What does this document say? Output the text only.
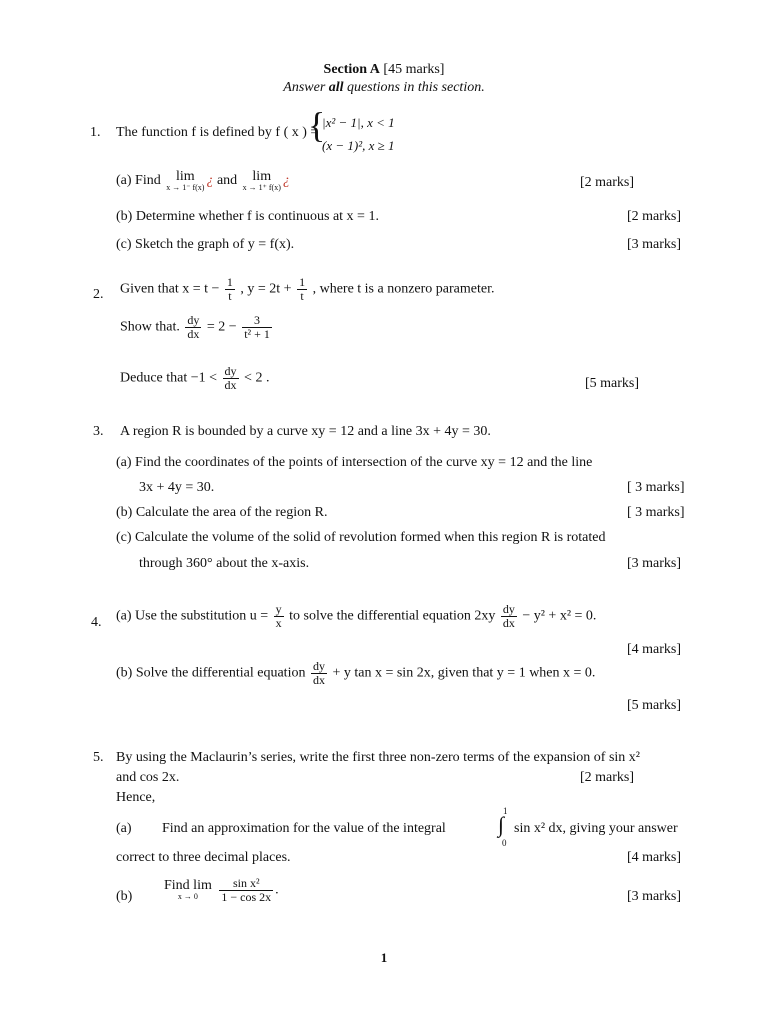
Section A [45 marks]
Answer all questions in this section.
1. The function f is defined by f ( x ) =
{
|x² − 1|, x < 1
(x − 1)², x ≥ 1
(a) Find lim
x → 1⁻ f(x) ¿ and lim
x → 1⁺ f(x) ¿	[2 marks]
(b) Determine whether f is continuous at x = 1.	[2 marks]
(c) Sketch the graph of y = f(x).	[3 marks]
2. Given that $x = t - \frac{1}{t}$ , $y = 2t + \frac{1}{t}$ , where t is a nonzero parameter.
Show that. $\frac{dy}{dx} = 2 - \frac{3}{\text{t² + 1}}$
Deduce that $-1 < \frac{dy}{dx} < 2$ .	[5 marks]
3. A region R is bounded by a curve xy = 12 and a line 3x + 4y = 30.
(a) Find the coordinates of the points of intersection of the curve xy = 12 and the line
3x + 4y = 30.	[ 3 marks]
(b) Calculate the area of the region R.	[ 3 marks]
(c) Calculate the volume of the solid of revolution formed when this region R is rotated
through 360° about the x-axis.	[3 marks]
4. (a) Use the substitution $u = \frac{y}{x}$ to solve the differential equation $2xy \frac{dy}{dx} - y^2 + x^2 = 0$.
[4 marks]
(b) Solve the differential equation $\frac{dy}{dx} + y$ tan x = sin 2x, given that y = 1 when x = 0.
[5 marks]
5. By using the Maclaurin’s series, write the first three non-zero terms of the expansion of sin x²
and cos 2x.	[2 marks]
Hence,
(a) Find an approximation for the value of the integral
1
∫
0
sin x² dx, giving your answer
correct to three decimal places.	[4 marks]
(b)
Find lim
x → 0
	$\frac{\text{sin x²}}{1 - \cos 2x}$ .	[3 marks]
1
